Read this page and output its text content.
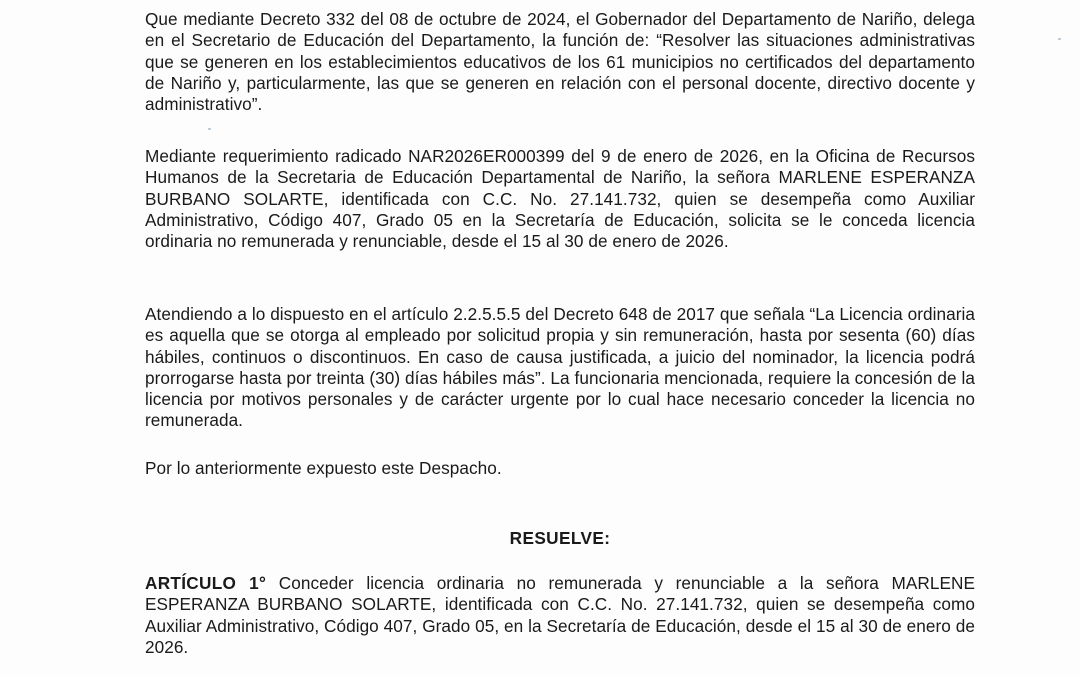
Que mediante Decreto 332 del 08 de octubre de 2024, el Gobernador del Departamento de Nariño, delega en el Secretario de Educación del Departamento, la función de: “Resolver las situaciones administrativas que se generen en los establecimientos educativos de los 61 municipios no certificados del departamento de Nariño y, particularmente, las que se generen en relación con el personal docente, directivo docente y administrativo”.

Mediante requerimiento radicado NAR2026ER000399 del 9 de enero de 2026, en la Oficina de Recursos Humanos de la Secretaria de Educación Departamental de Nariño, la señora MARLENE ESPERANZA BURBANO SOLARTE, identificada con C.C. No. 27.141.732, quien se desempeña como Auxiliar Administrativo, Código 407, Grado 05 en la Secretaría de Educación, solicita se le conceda licencia ordinaria no remunerada y renunciable, desde el 15 al 30 de enero de 2026.

Atendiendo a lo dispuesto en el artículo 2.2.5.5.5 del Decreto 648 de 2017 que señala “La Licencia ordinaria es aquella que se otorga al empleado por solicitud propia y sin remuneración, hasta por sesenta (60) días hábiles, continuos o discontinuos. En caso de causa justificada, a juicio del nominador, la licencia podrá prorrogarse hasta por treinta (30) días hábiles más”. La funcionaria mencionada, requiere la concesión de la licencia por motivos personales y de carácter urgente por lo cual hace necesario conceder la licencia no remunerada.

Por lo anteriormente expuesto este Despacho.

RESUELVE:

ARTÍCULO 1° Conceder licencia ordinaria no remunerada y renunciable a la señora MARLENE ESPERANZA BURBANO SOLARTE, identificada con C.C. No. 27.141.732, quien se desempeña como Auxiliar Administrativo, Código 407, Grado 05, en la Secretaría de Educación, desde el 15 al 30 de enero de 2026.
